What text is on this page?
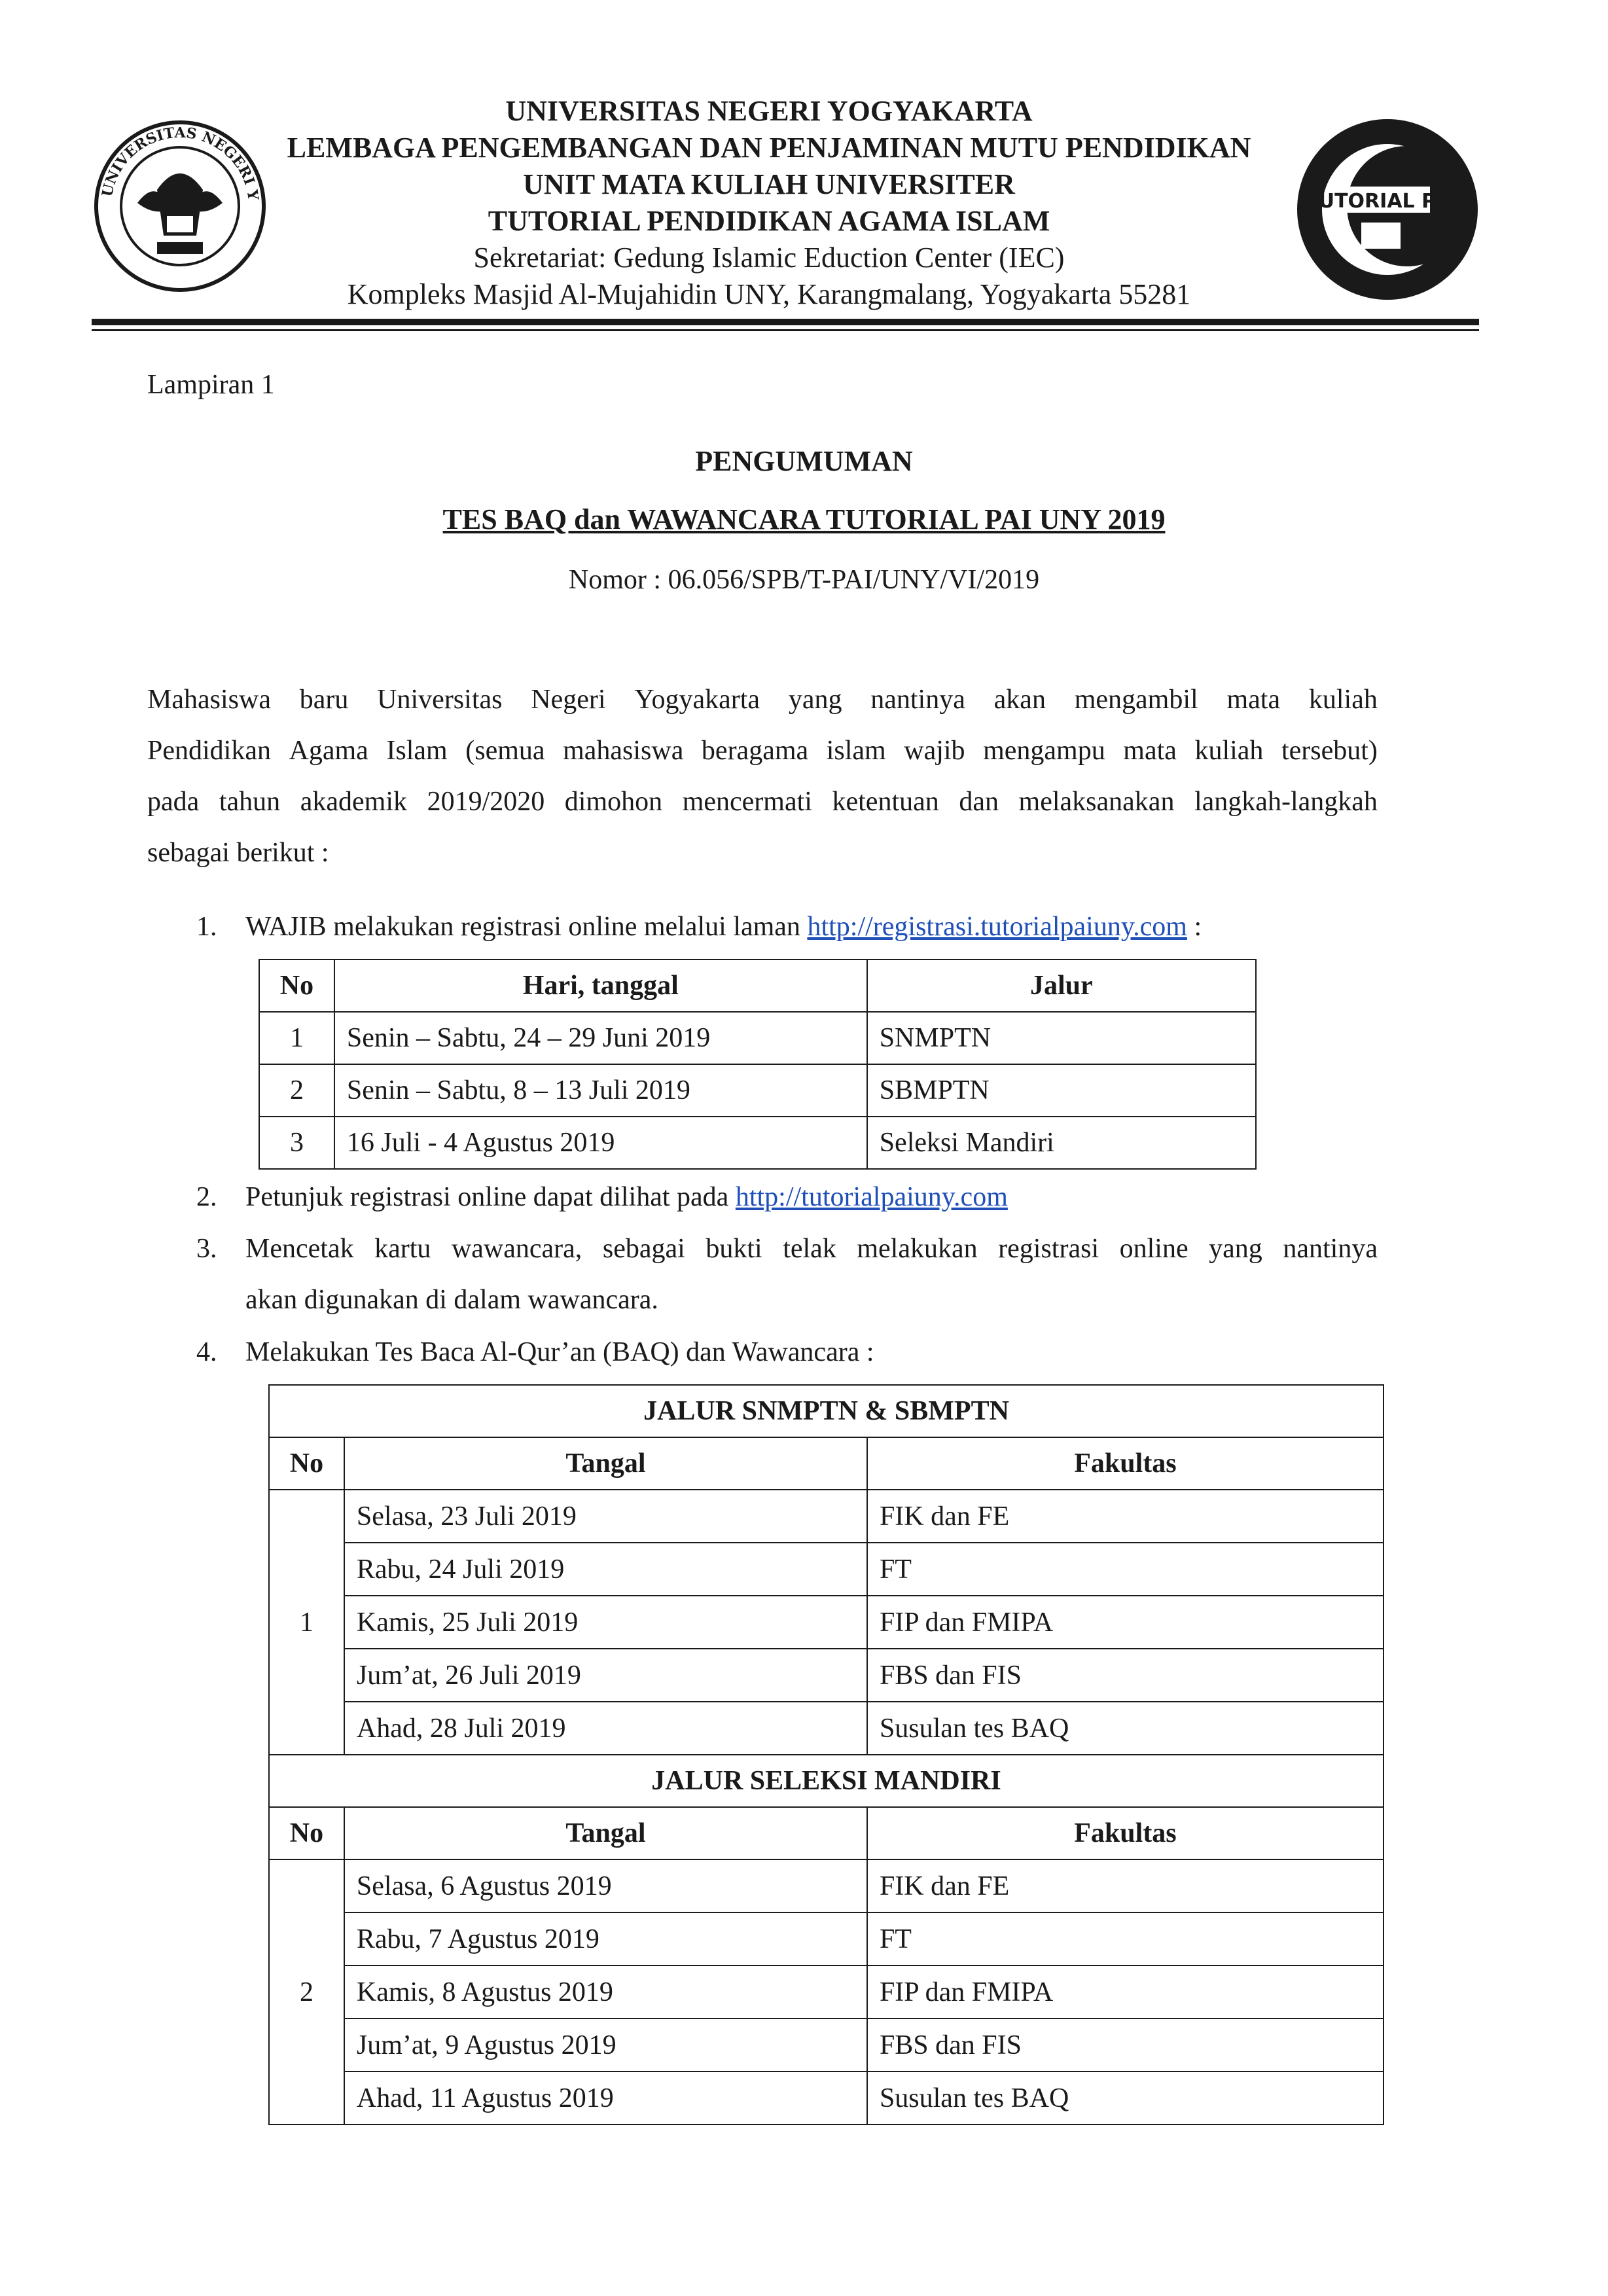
UNIVERSITAS NEGERI Y
UNIVERSITAS NEGERI YOGYAKARTA
LEMBAGA PENGEMBANGAN DAN PENJAMINAN MUTU PENDIDIKAN
UNIT MATA KULIAH UNIVERSITER
TUTORIAL PENDIDIKAN AGAMA ISLAM
Sekretariat: Gedung Islamic Eduction Center (IEC)
Kompleks Masjid Al-Mujahidin UNY, Karangmalang, Yogyakarta 55281
TUTORIAL PAI
Lampiran 1
PENGUMUMAN
TES BAQ dan WAWANCARA TUTORIAL PAI UNY 2019
Nomor : 06.056/SPB/T-PAI/UNY/VI/2019
Mahasiswa baru Universitas Negeri Yogyakarta yang nantinya akan mengambil mata kuliah
Pendidikan Agama Islam (semua mahasiswa beragama islam wajib mengampu mata kuliah tersebut)
pada tahun akademik 2019/2020 dimohon mencermati ketentuan dan melaksanakan langkah-langkah
sebagai berikut :
1. WAJIB melakukan registrasi online melalui laman http://registrasi.tutorialpaiuny.com :
No	Hari, tanggal	Jalur
1	Senin – Sabtu, 24 – 29 Juni 2019	SNMPTN
2	Senin – Sabtu, 8 – 13 Juli 2019	SBMPTN
3	16 Juli - 4 Agustus 2019	Seleksi Mandiri
2. Petunjuk registrasi online dapat dilihat pada http://tutorialpaiuny.com
3. Mencetak kartu wawancara, sebagai bukti telak melakukan registrasi online yang nantinya
akan digunakan di dalam wawancara.
4. Melakukan Tes Baca Al-Qur’an (BAQ) dan Wawancara :
JALUR SNMPTN & SBMPTN		
No	Tangal	Fakultas
1	Selasa, 23 Juli 2019	FIK dan FE
	Rabu, 24 Juli 2019	FT
	Kamis, 25 Juli 2019	FIP dan FMIPA
	Jum’at, 26 Juli 2019	FBS dan FIS
	Ahad, 28 Juli 2019	Susulan tes BAQ
JALUR SELEKSI MANDIRI		
No	Tangal	Fakultas
2	Selasa, 6 Agustus 2019	FIK dan FE
	Rabu, 7 Agustus 2019	FT
	Kamis, 8 Agustus 2019	FIP dan FMIPA
	Jum’at, 9 Agustus 2019	FBS dan FIS
	Ahad, 11 Agustus 2019	Susulan tes BAQ
